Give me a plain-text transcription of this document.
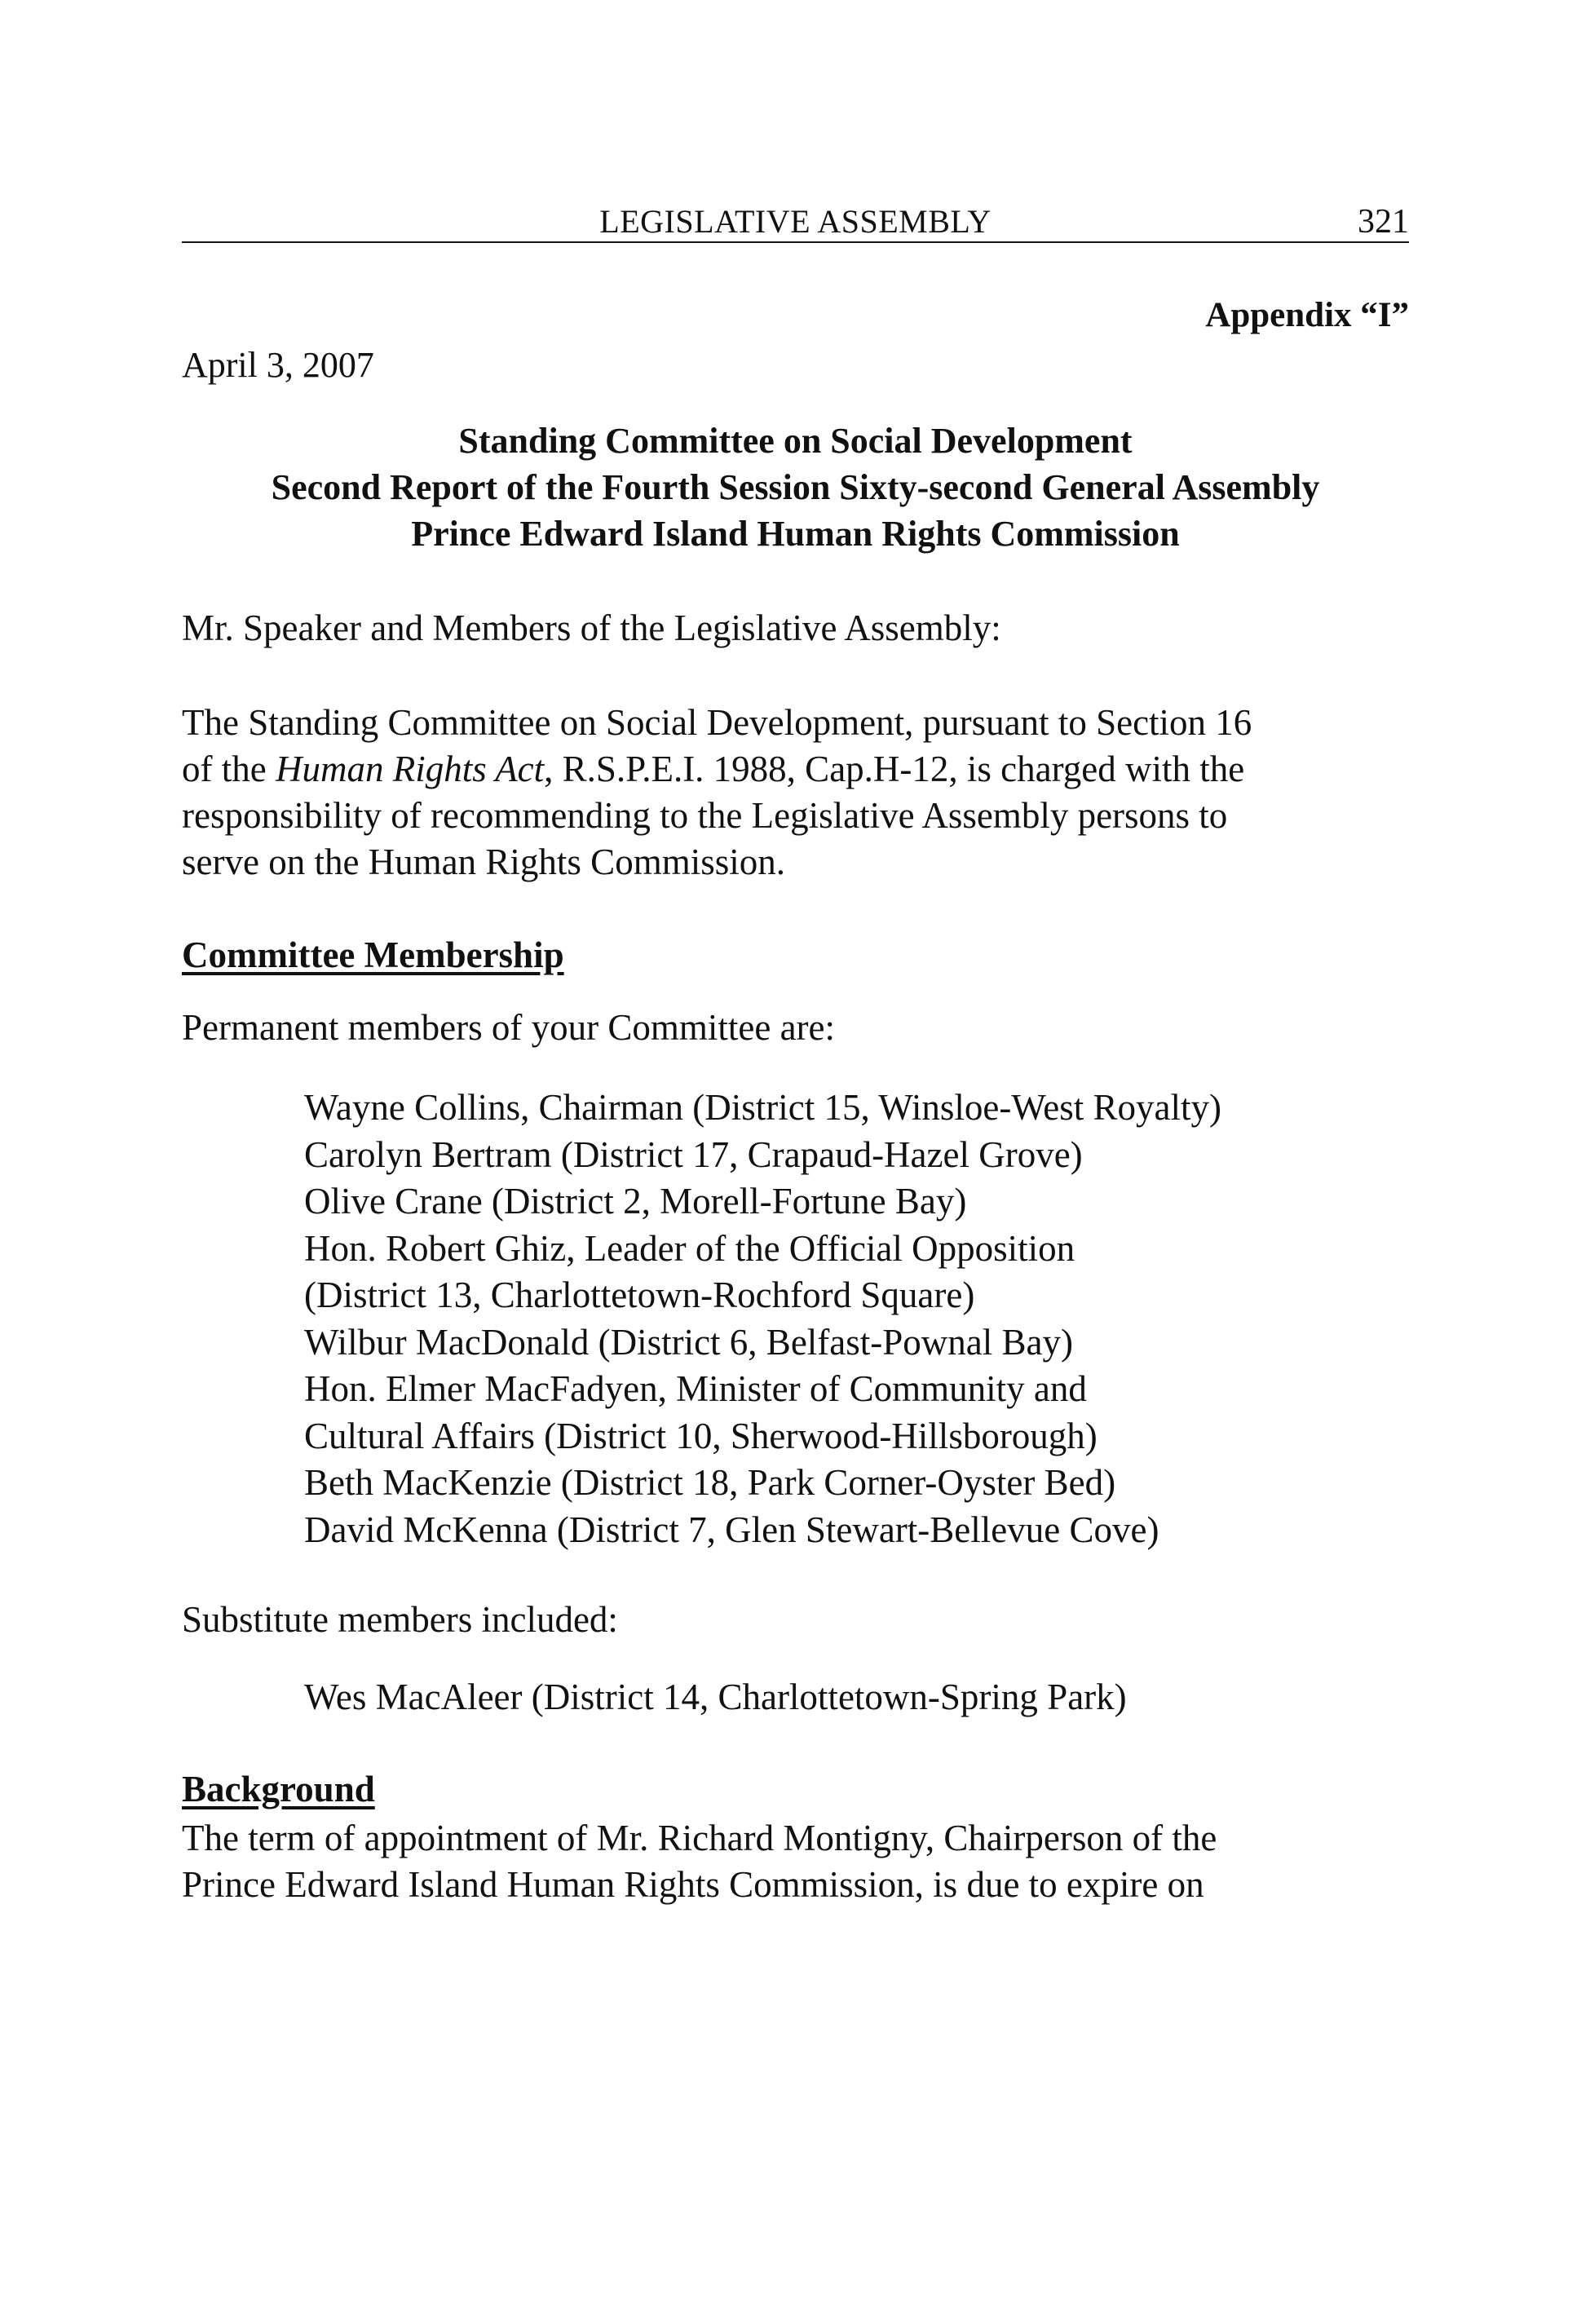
LEGISLATIVE ASSEMBLY	321
Appendix “I”
April 3, 2007
Standing Committee on Social Development
Second Report of the Fourth Session Sixty-second General Assembly
Prince Edward Island Human Rights Commission
Mr. Speaker and Members of the Legislative Assembly:
The Standing Committee on Social Development, pursuant to Section 16
of the Human Rights Act, R.S.P.E.I. 1988, Cap.H-12, is charged with the
responsibility of recommending to the Legislative Assembly persons to
serve on the Human Rights Commission.
Committee Membership
Permanent members of your Committee are:
Wayne Collins, Chairman (District 15, Winsloe-West Royalty)
Carolyn Bertram (District 17, Crapaud-Hazel Grove)
Olive Crane (District 2, Morell-Fortune Bay)
Hon. Robert Ghiz, Leader of the Official Opposition
(District 13, Charlottetown-Rochford Square)
Wilbur MacDonald (District 6, Belfast-Pownal Bay)
Hon. Elmer MacFadyen, Minister of Community and
Cultural Affairs (District 10, Sherwood-Hillsborough)
Beth MacKenzie (District 18, Park Corner-Oyster Bed)
David McKenna (District 7, Glen Stewart-Bellevue Cove)
Substitute members included:
Wes MacAleer (District 14, Charlottetown-Spring Park)
Background
The term of appointment of Mr. Richard Montigny, Chairperson of the
Prince Edward Island Human Rights Commission, is due to expire on
